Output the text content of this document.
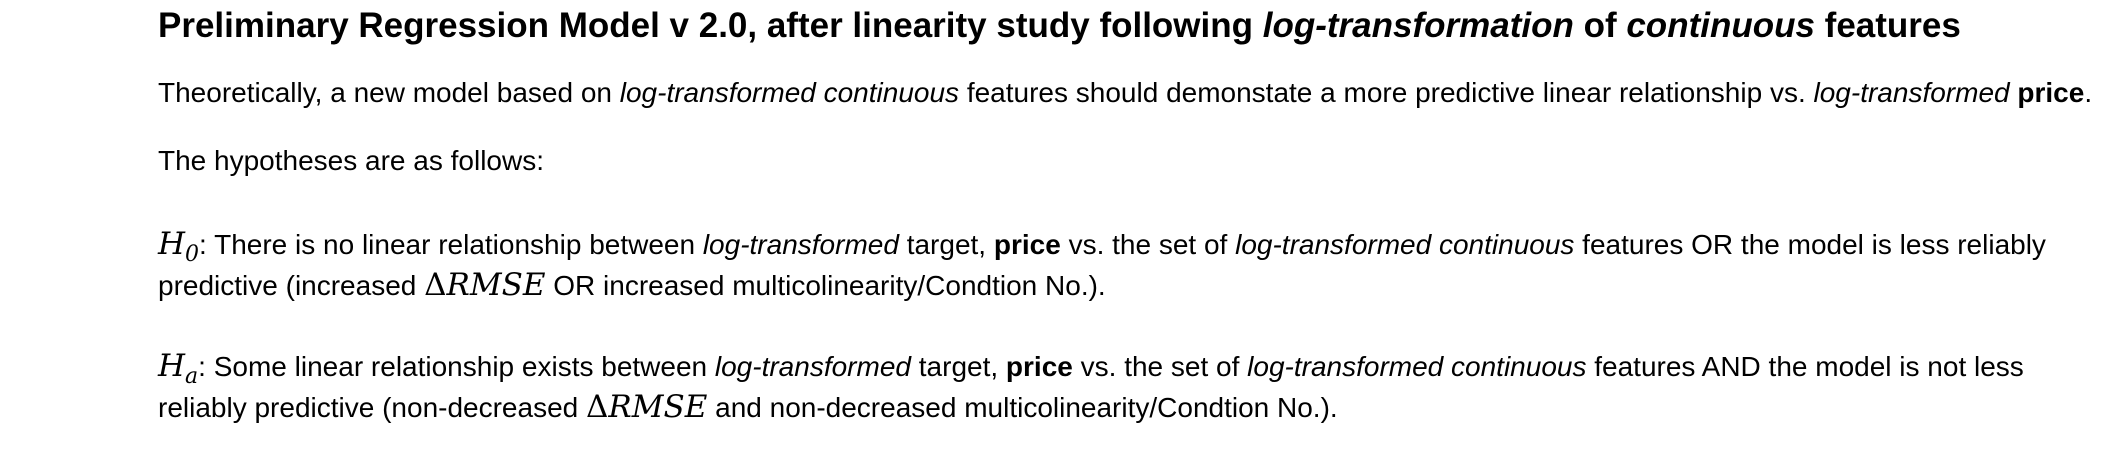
Preliminary Regression Model v 2.0, after linearity study following log-transformation of continuous features

Theoretically, a new model based on log-transformed continuous features should demonstate a more predictive linear relationship vs. log-transformed price.

The hypotheses are as follows:

$H_0$: There is no linear relationship between log-transformed target, price vs. the set of log-transformed continuous features OR the model is less reliably predictive (increased ΔRMSE OR increased multicolinearity/Condtion No.).

$H_a$: Some linear relationship exists between log-transformed target, price vs. the set of log-transformed continuous features AND the model is not less reliably predictive (non-decreased ΔRMSE and non-decreased multicolinearity/Condtion No.).
